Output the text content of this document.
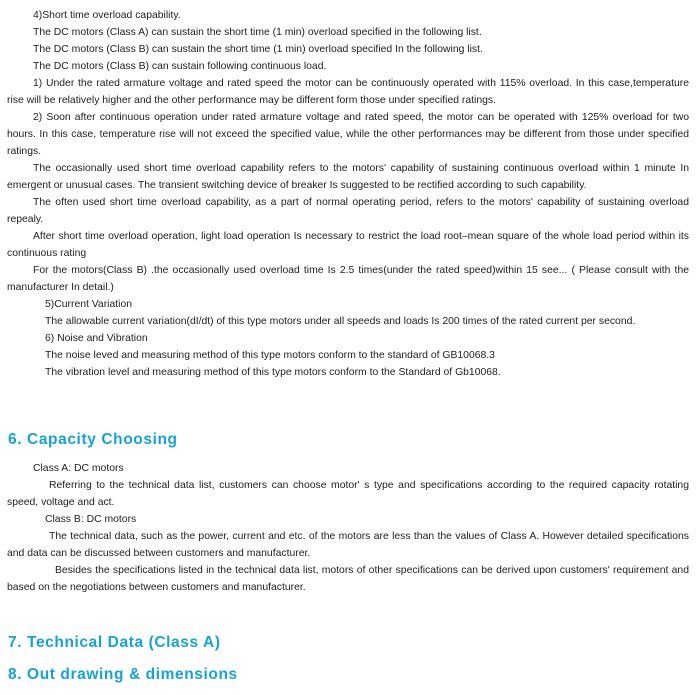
4)Short time overload capability.

The DC motors (Class A) can sustain the short time (1 min) overload specified in the following list.

The DC motors (Class B) can sustain the short time (1 min) overload specified In the following list.

The DC motors (Class B) can sustain following continuous load.

1) Under the rated armature voltage and rated speed the motor can be continuously operated with 115% overload. In this case,temperature rise will be relatively higher and the other performance may be different form those under specified ratings.

2) Soon after continuous operation under rated armature voltage and rated speed, the motor can be operated with 125% overload for two hours. In this case, temperature rise will not exceed the specified value, while the other performances may be different from those under specified ratings.

The occasionally used short time overload capability refers to the motors' capability of sustaining continuous overload within 1 minute In emergent or unusual cases. The transient switching device of breaker Is suggested to be rectified according to such capability.

The often used short time overload capability, as a part of normal operating period, refers to the motors' capability of sustaining overload repealy.

After short time overload operation, light load operation Is necessary to restrict the load root–mean square of the whole load period within its continuous rating

For the motors(Class B) .the occasionally used overload time Is 2.5 times(under the rated speed)within 15 see... ( Please consult with the manufacturer In detail.)

5)Current Variation

The allowable current variation(dI/dt) of this type motors under all speeds and loads Is 200 times of the rated current per second.

6) Noise and Vibration

The noise leved and measuring method of this type motors conform to the standard of GB10068.3

The vibration level and measuring method of this type motors conform to the Standard of Gb10068.

6. Capacity Choosing

Class A: DC motors

Referring to the technical data list, customers can choose motor' s type and specifications according to the required capacity rotating speed, voltage and act.

Class B: DC motors

The technical data, such as the power, current and etc. of the motors are less than the values of Class A. However detailed specifications and data can be discussed between customers and manufacturer.

Besides the specifications listed in the technical data list, motors of other specifications can be derived upon customers' requirement and based on the negotiations between customers and manufacturer.

7. Technical Data (Class A)
8. Out drawing & dimensions
